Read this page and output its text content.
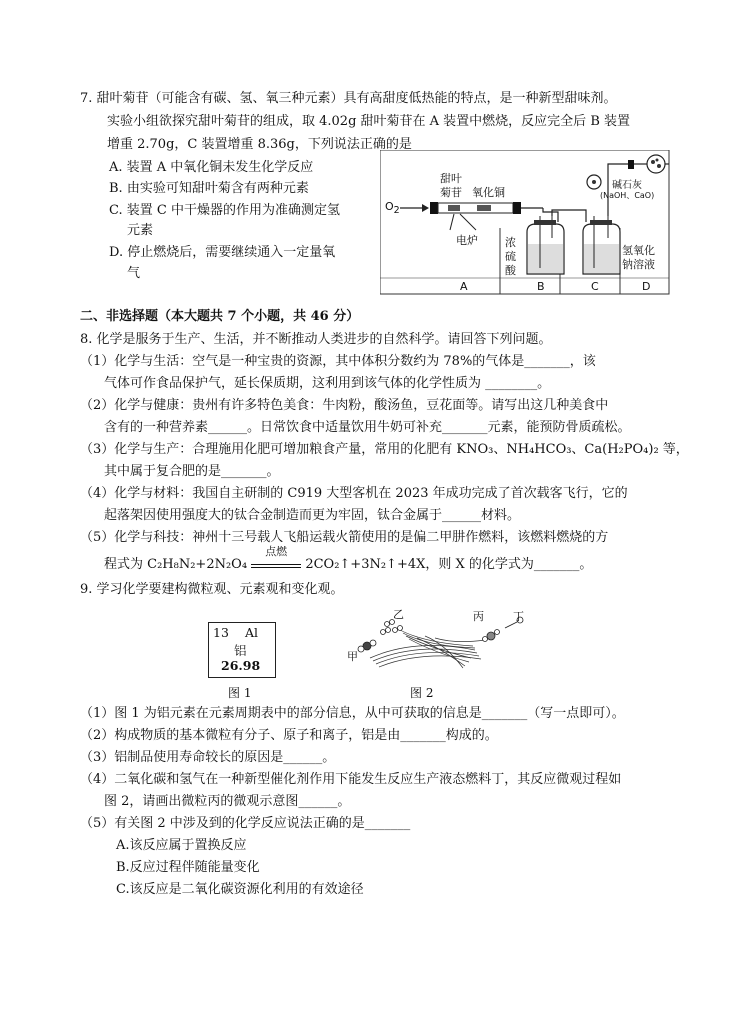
7. 甜叶菊苷（可能含有碳、氢、氧三种元素）具有高甜度低热能的特点，是一种新型甜味剂。
实验小组欲探究甜叶菊苷的组成，取 4.02g 甜叶菊苷在 A 装置中燃烧，反应完全后 B 装置
增重 2.70g，C 装置增重 8.36g，下列说法正确的是
A. 装置 A 中氧化铜未发生化学反应
B. 由实验可知甜叶菊含有两种元素
C. 装置 C 中干燥器的作用为准确测定氢
元素
D. 停止燃烧后，需要继续通入一定量氧
气
$O_2$
甜叶
菊苷 氧化铜
电炉 浓
硫
酸
氢氧化
钠溶液
碱石灰
(NaOH、CaO)
A	B	C	D
二、非选择题（本大题共 7 个小题，共 46 分）
8. 化学是服务于生产、生活，并不断推动人类进步的自然科学。请回答下列问题。
（1）化学与生活：空气是一种宝贵的资源，其中体积分数约为 78%的气体是_______，该
气体可作食品保护气，延长保质期，这利用到该气体的化学性质为 ________。
（2）化学与健康：贵州有许多特色美食：牛肉粉，酸汤鱼，豆花面等。请写出这几种美食中
含有的一种营养素______。日常饮食中适量饮用牛奶可补充_______元素，能预防骨质疏松。
（3）化学与生产：合理施用化肥可增加粮食产量，常用的化肥有 KNO₃、NH₄HCO₃、Ca(H₂PO₄)₂ 等，
其中属于复合肥的是_______。
（4）化学与材料：我国自主研制的 C919 大型客机在 2023 年成功完成了首次载客飞行，它的
起落架因使用强度大的钛合金制造而更为牢固，钛合金属于______材料。
（5）化学与科技：神州十三号载人飞船运载火箭使用的是偏二甲肼作燃料，该燃料燃烧的方
程式为 C₂H₈N₂+2N₂O₄
点燃
2CO₂↑+3N₂↑+4X，则 X 的化学式为_______。
9. 学习化学要建构微粒观、元素观和变化观。
13 Al
铝
26.98
图 1
甲
乙	丙	丁
图 2
（1）图 1 为铝元素在元素周期表中的部分信息，从中可获取的信息是_______（写一点即可）。
（2）构成物质的基本微粒有分子、原子和离子，铝是由_______构成的。
（3）铝制品使用寿命较长的原因是______。
（4）二氧化碳和氢气在一种新型催化剂作用下能发生反应生产液态燃料丁，其反应微观过程如
图 2，请画出微粒丙的微观示意图______。
（5）有关图 2 中涉及到的化学反应说法正确的是_______
A.该反应属于置换反应
B.反应过程伴随能量变化
C.该反应是二氧化碳资源化利用的有效途径
